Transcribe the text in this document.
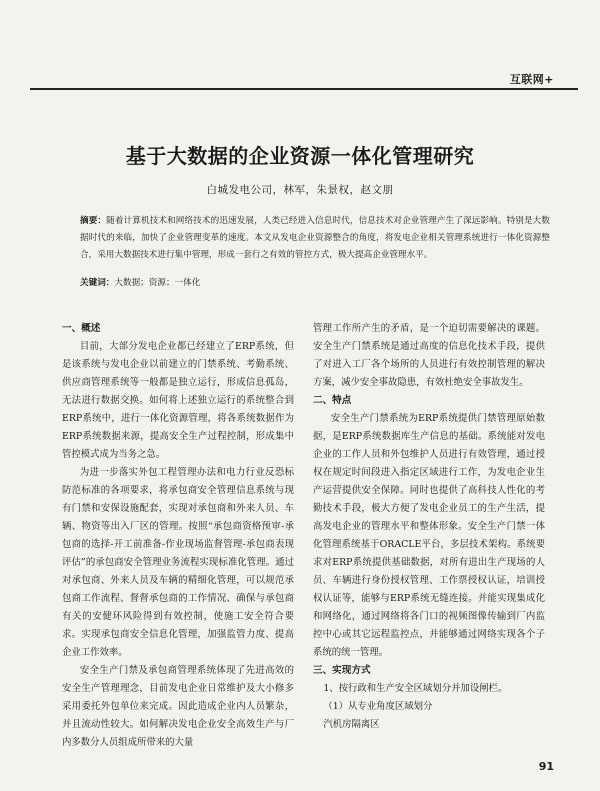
互联网+
基于大数据的企业资源一体化管理研究
白城发电公司，林军，朱景权，赵文朋
摘要：随着计算机技术和网络技术的迅速发展，人类已经进入信息时代，信息技术对企业管理产生了深远影响。特别是大数据时代的来临，加快了企业管理变革的速度。本文从发电企业资源整合的角度，将发电企业相关管理系统进行一体化资源整合，采用大数据技术进行集中管理，形成一套行之有效的管控方式，极大提高企业管理水平。
关键词：大数据；资源；一体化

一、概述

目前，大部分发电企业都已经建立了ERP系统，但是该系统与发电企业以前建立的门禁系统、考勤系统、供应商管理系统等一般都是独立运行，形成信息孤岛，无法进行数据交换。如何将上述独立运行的系统整合到ERP系统中，进行一体化资源管理，将各系统数据作为ERP系统数据来源，提高安全生产过程控制，形成集中管控模式成为当务之急。

为进一步落实外包工程管理办法和电力行业反恐标防范标准的各项要求，将承包商安全管理信息系统与现有门禁和安保设施配套，实现对承包商和外来人员、车辆、物资等出入厂区的管理。按照“承包商资格预审-承包商的选择-开工前准备-作业现场监督管理-承包商表现评估”的承包商安全管理业务流程实现标准化管理。通过对承包商、外来人员及车辆的精细化管理，可以规范承包商工作流程、督督承包商的工作情况、确保与承包商有关的安健环风险得到有效控制，使施工安全符合要求。实现承包商安全信息化管理，加强监管力度、提高企业工作效率。

安全生产门禁及承包商管理系统体现了先进高效的安全生产管理理念，目前发电企业日常维护及大小修多采用委托外包单位来完成。因此造成企业内人员繁杂，并且流动性较大。如何解决发电企业安全高效生产与厂内多数分人员组成所带来的大量

管理工作所产生的矛盾，是一个迫切需要解决的课题。安全生产门禁系统是通过高度的信息化技术手段，提供了对进入工厂各个场所的人员进行有效控制管理的解决方案，减少安全事故隐患，有效杜绝安全事故发生。

二、特点

安全生产门禁系统为ERP系统提供门禁管理原始数据，是ERP系统数据库生产信息的基础。系统能对发电企业的工作人员和外包维护人员进行有效管理，通过授权在规定时间段进入指定区域进行工作，为发电企业生产运营提供安全保障。同时也提供了高科技人性化的考勤技术手段，极大方便了发电企业员工的生产生活，提高发电企业的管理水平和整体形象。安全生产门禁一体化管理系统基于ORACLE平台，多层技术架构。系统要求对ERP系统提供基础数据，对所有进出生产现场的人员、车辆进行身份授权管理、工作票授权认证，培训授权认证等，能够与ERP系统无缝连接。并能实现集成化和网络化，通过网络将各门口的视频图像传输到厂内监控中心或其它远程监控点，并能够通过网络实现各个子系统的统一管理。

三、实现方式

1、按行政和生产安全区域划分并加设闸栏。

（1）从专业角度区域划分

汽机房隔离区

91
